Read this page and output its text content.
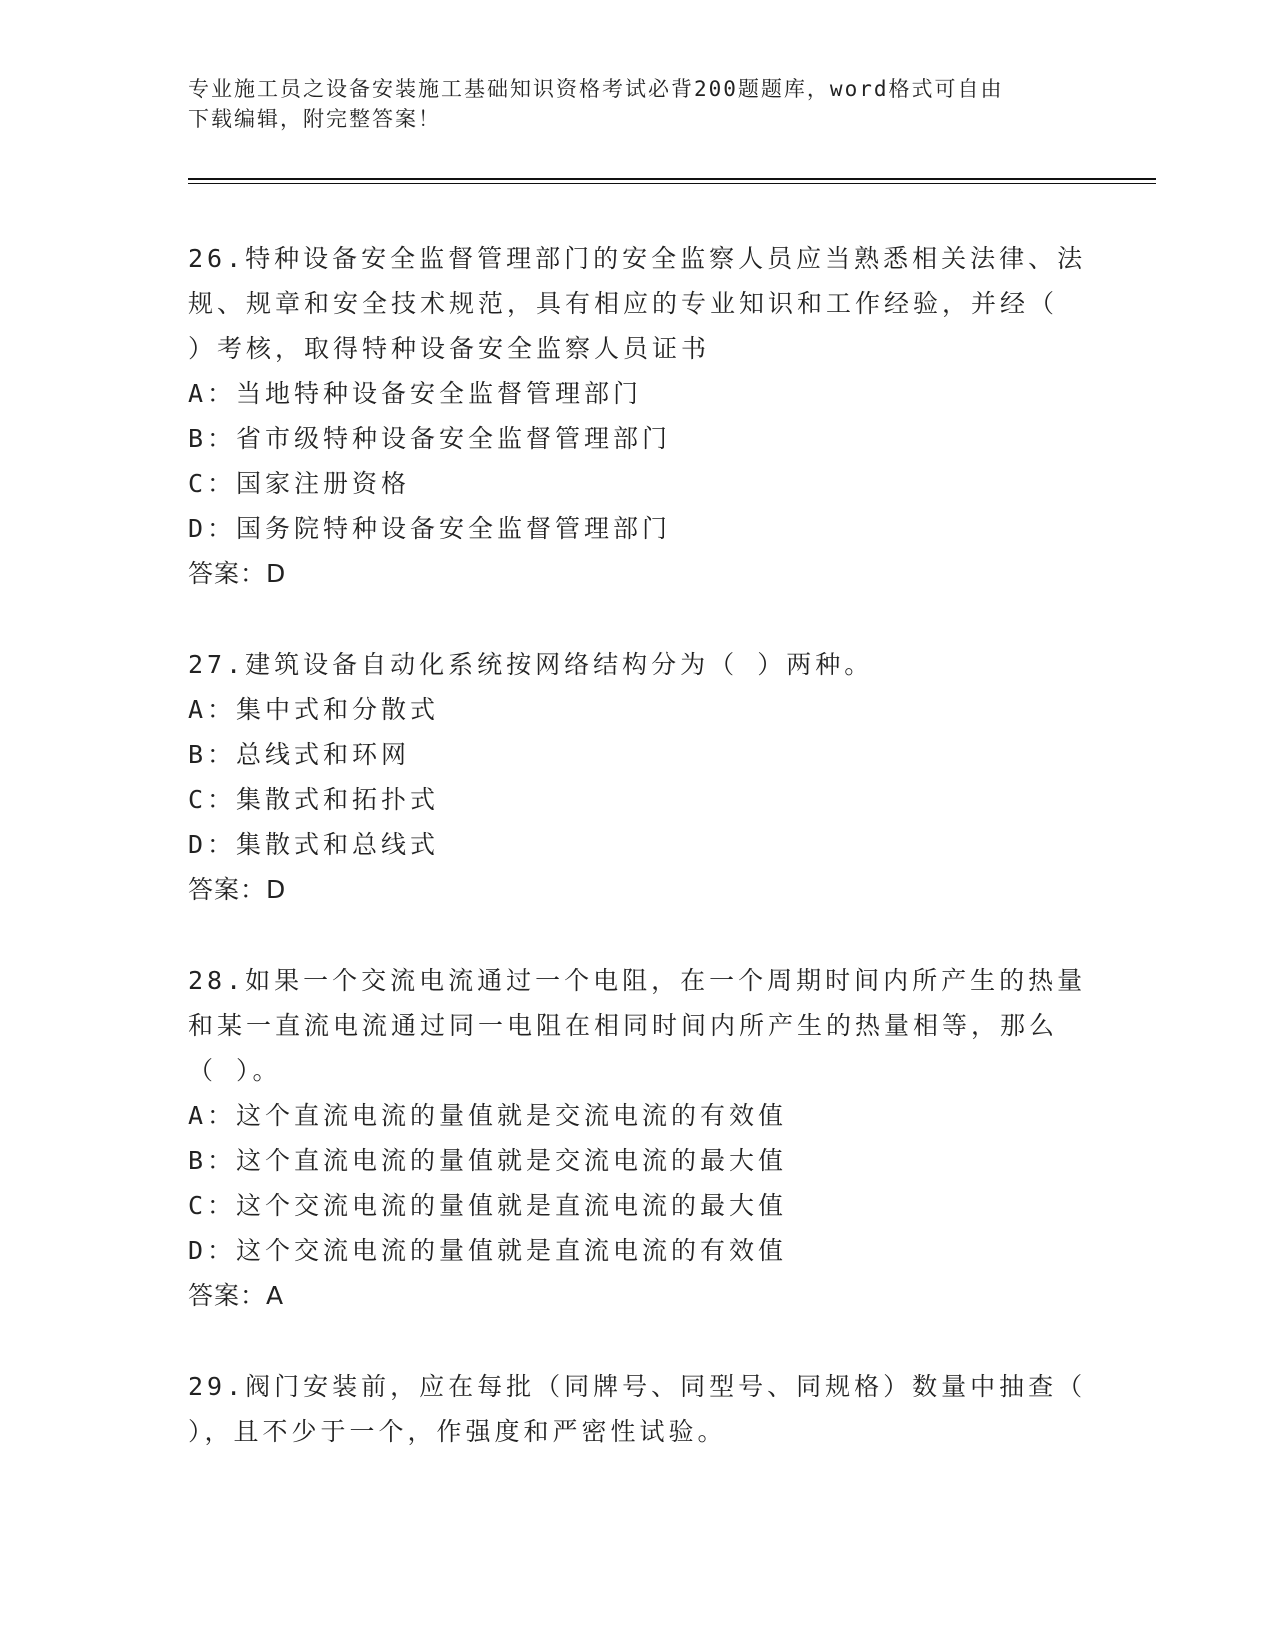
专业施工员之设备安装施工基础知识资格考试必背200题题库，word格式可自由
下载编辑，附完整答案！
26.特种设备安全监督管理部门的安全监察人员应当熟悉相关法律、法
规、规章和安全技术规范，具有相应的专业知识和工作经验，并经（
）考核，取得特种设备安全监察人员证书
A：当地特种设备安全监督管理部门
B：省市级特种设备安全监督管理部门
C：国家注册资格
D：国务院特种设备安全监督管理部门
答案：D
27.建筑设备自动化系统按网络结构分为（ ）两种。
A：集中式和分散式
B：总线式和环网
C：集散式和拓扑式
D：集散式和总线式
答案：D
28.如果一个交流电流通过一个电阻，在一个周期时间内所产生的热量
和某一直流电流通过同一电阻在相同时间内所产生的热量相等，那么
（ ）。
A：这个直流电流的量值就是交流电流的有效值
B：这个直流电流的量值就是交流电流的最大值
C：这个交流电流的量值就是直流电流的最大值
D：这个交流电流的量值就是直流电流的有效值
答案：A
29.阀门安装前，应在每批（同牌号、同型号、同规格）数量中抽查（
），且不少于一个，作强度和严密性试验。
